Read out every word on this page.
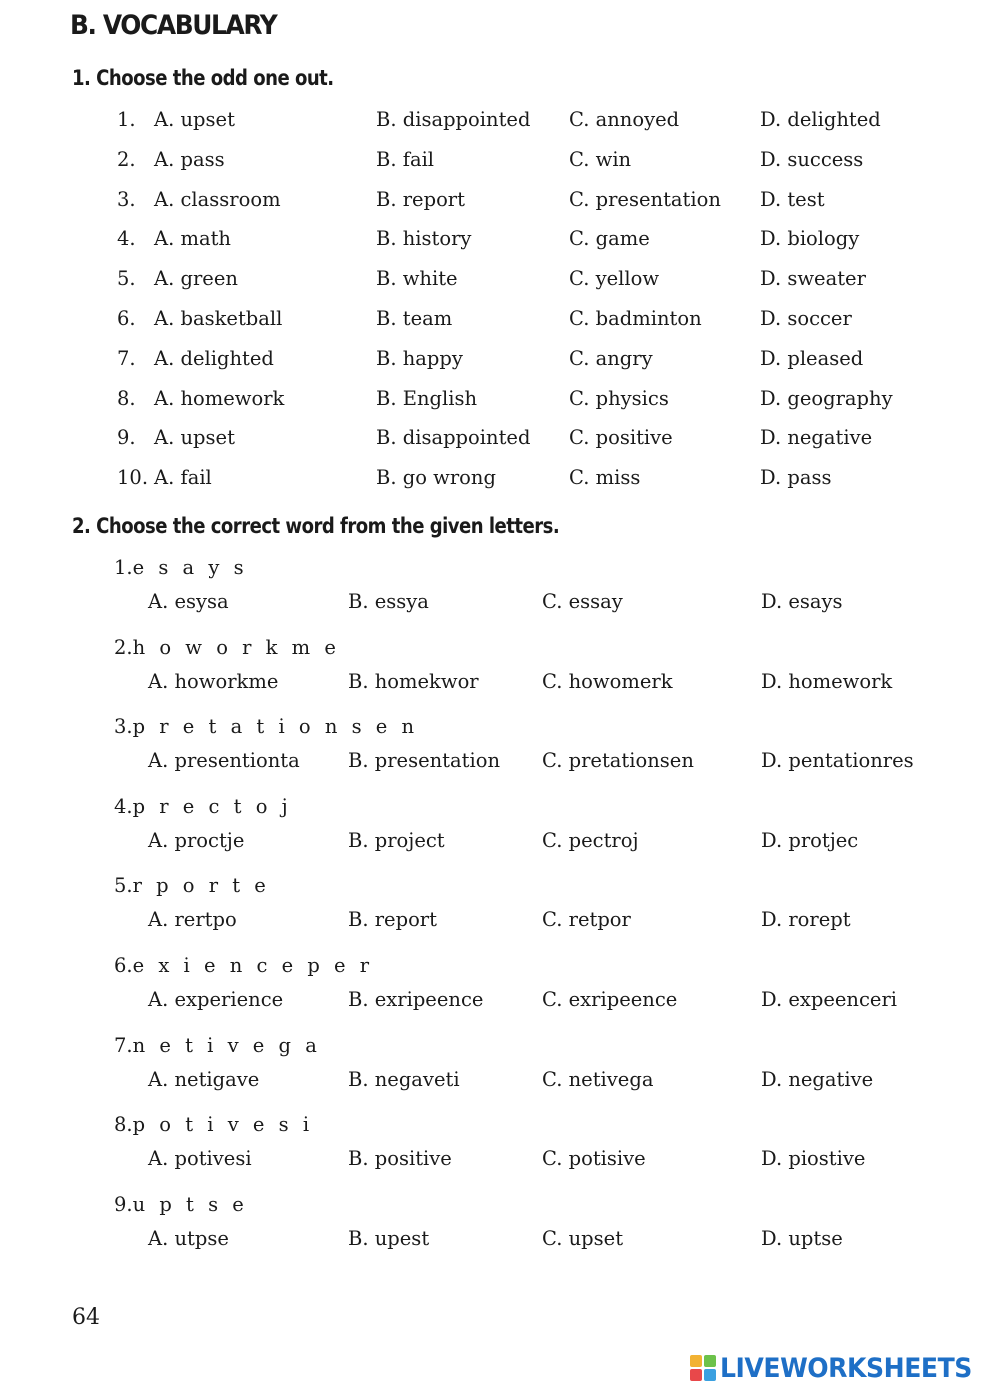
B. VOCABULARY
1. Choose the odd one out.
1. A. upset	B. disappointed C. annoyed	D. delighted
2. A. pass	B. fail	C. win	D. success
3. A. classroom	B. report	C. presentation D. test
4. A. math	B. history	C. game	D. biology
5. A. green	B. white	C. yellow	D. sweater
6. A. basketball	B. team	C. badminton	D. soccer
7. A. delighted	B. happy	C. angry	D. pleased
8. A. homework	B. English	C. physics	D. geography
9. A. upset	B. disappointed C. positive	D. negative
10. A. fail	B. go wrong	C. miss	D. pass
2. Choose the correct word from the given letters.
1.e s a y s
A. esysa	B. essya	C. essay	D. esays
2.h o w o r k m e
A. howorkme	B. homekwor	C. howomerk	D. homework
3.p r e t a t i o n s e n
A. presentionta B. presentation C. pretationsen	D. pentationres
4.p r e c t o j
A. proctje	B. project	C. pectroj	D. protjec
5.r p o r t e
A. rertpo	B. report	C. retpor	D. rorept
6.e x i e n c e p e r
A. experience	B. exripeence	C. exripeence	D. expeenceri
7.n e t i v e g a
A. netigave	B. negaveti	C. netivega	D. negative
8.p o t i v e s i
A. potivesi	B. positive	C. potisive	D. piostive
9.u p t s e
A. utpse	B. upest	C. upset	D. uptse
64
LIVEWORKSHEETS
